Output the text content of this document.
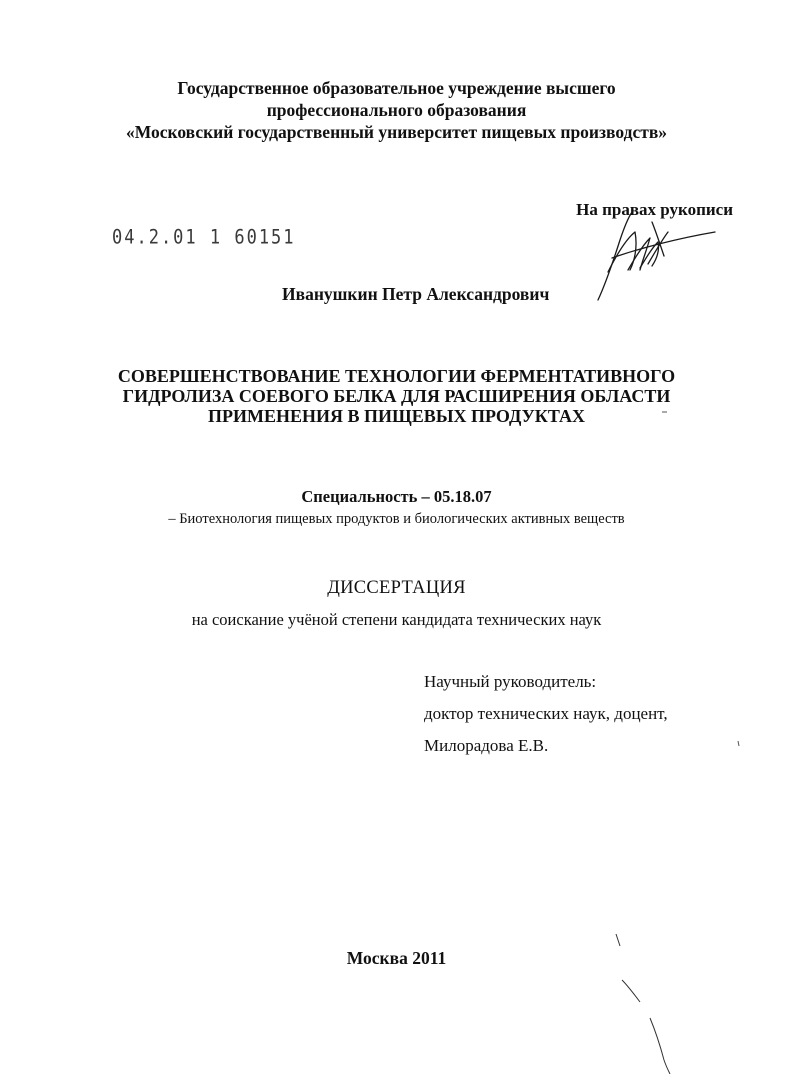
Государственное образовательное учреждение высшего
профессионального образования
«Московский государственный университет пищевых производств»
На правах рукописи
04.2.01 1 60151
Иванушкин Петр Александрович
СОВЕРШЕНСТВОВАНИЕ ТЕХНОЛОГИИ ФЕРМЕНТАТИВНОГО
ГИДРОЛИЗА СОЕВОГО БЕЛКА ДЛЯ РАСШИРЕНИЯ ОБЛАСТИ
ПРИМЕНЕНИЯ В ПИЩЕВЫХ ПРОДУКТАХ
Специальность – 05.18.07
– Биотехнология пищевых продуктов и биологических активных веществ
ДИССЕРТАЦИЯ
на соискание учёной степени кандидата технических наук
Научный руководитель:
доктор технических наук, доцент,
Милорадова Е.В.
Москва 2011
